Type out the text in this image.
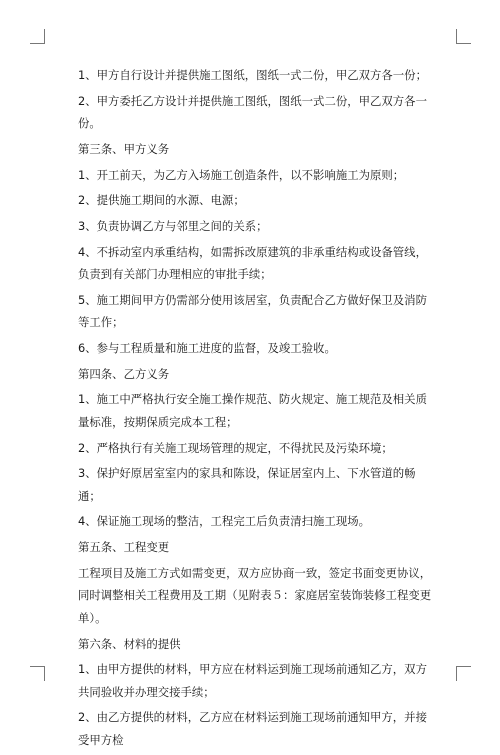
1、甲方自行设计并提供施工图纸，图纸一式二份，甲乙双方各一份；

2、甲方委托乙方设计并提供施工图纸，图纸一式二份，甲乙双方各一份。

第三条、甲方义务

1、开工前天，为乙方入场施工创造条件，以不影响施工为原则；

2、提供施工期间的水源、电源；

3、负责协调乙方与邻里之间的关系；

4、不拆动室内承重结构，如需拆改原建筑的非承重结构或设备管线，负责到有关部门办理相应的审批手续；

5、施工期间甲方仍需部分使用该居室，负责配合乙方做好保卫及消防等工作；

6、参与工程质量和施工进度的监督，及竣工验收。

第四条、乙方义务

1、施工中严格执行安全施工操作规范、防火规定、施工规范及相关质量标准，按期保质完成本工程；

2、严格执行有关施工现场管理的规定，不得扰民及污染环境；

3、保护好原居室室内的家具和陈设，保证居室内上、下水管道的畅通；

4、保证施工现场的整洁，工程完工后负责清扫施工现场。

第五条、工程变更

工程项目及施工方式如需变更，双方应协商一致，签定书面变更协议，同时调整相关工程费用及工期（见附表５：家庭居室装饰装修工程变更单）。

第六条、材料的提供

1、由甲方提供的材料，甲方应在材料运到施工现场前通知乙方，双方共同验收并办理交接手续；

2、由乙方提供的材料，乙方应在材料运到施工现场前通知甲方，并接受甲方检
